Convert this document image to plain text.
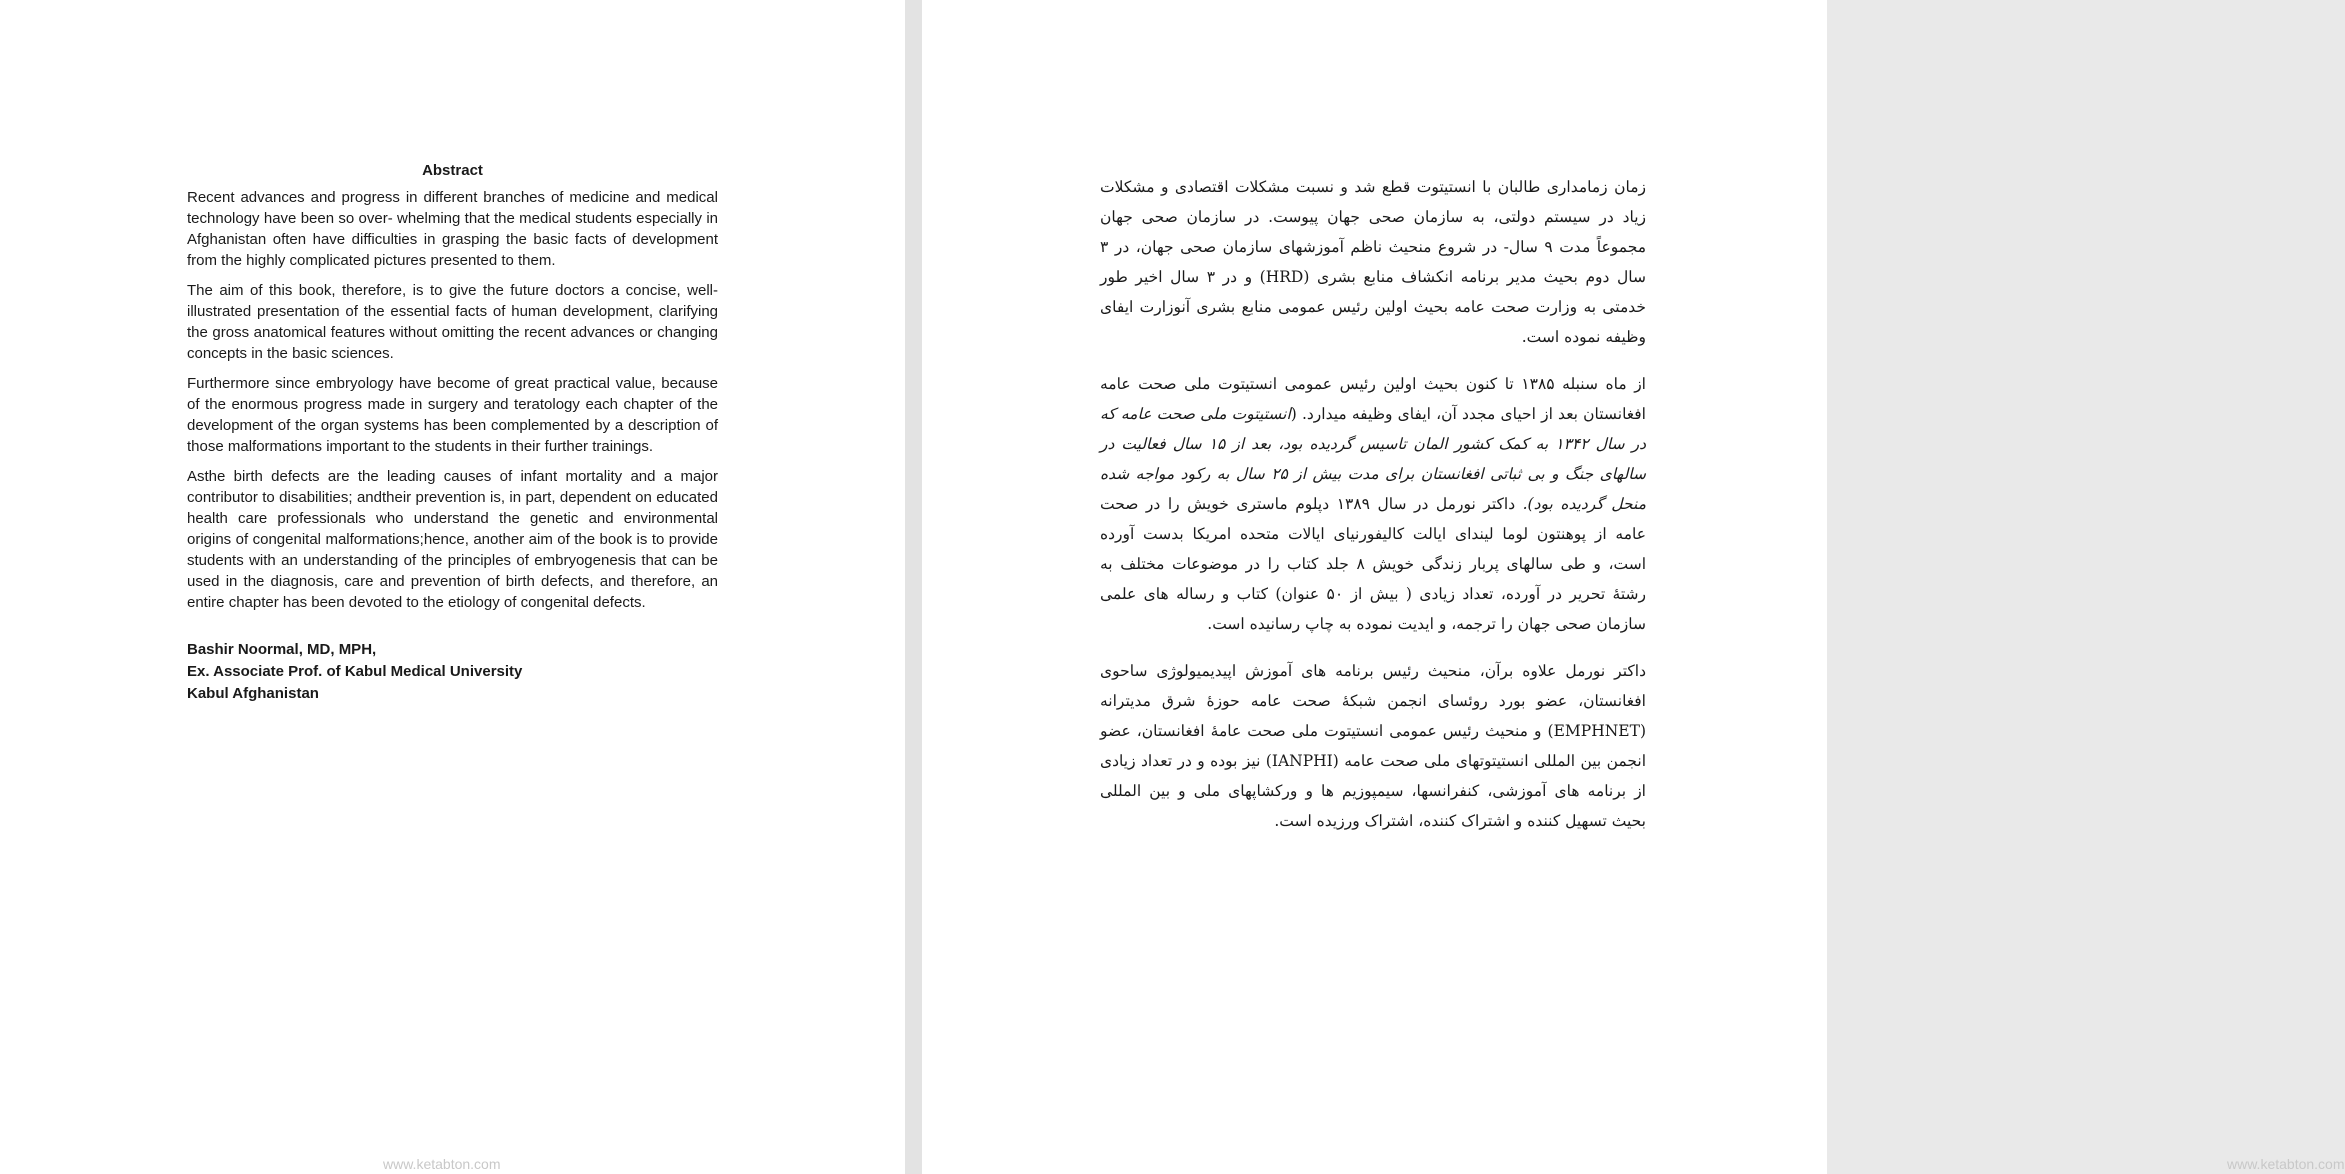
Abstract

Recent advances and progress in different branches of medicine and medical technology have been so over- whelming that the medical students especially in Afghanistan often have difficulties in grasping the basic facts of development from the highly complicated pictures presented to them.

The aim of this book, therefore, is to give the future doctors a concise, well-illustrated presentation of the essential facts of human development, clarifying the gross anatomical features without omitting the recent advances or changing concepts in the basic sciences.

Furthermore since embryology have become of great practical value, because of the enormous progress made in surgery and teratology each chapter of the development of the organ systems has been complemented by a description of those malformations important to the students in their further trainings.

Asthe birth defects are the leading causes of infant mortality and a major contributor to disabilities; andtheir prevention is, in part, dependent on educated health care professionals who understand the genetic and environmental origins of congenital malformations;hence, another aim of the book is to provide students with an understanding of the principles of embryogenesis that can be used in the diagnosis, care and prevention of birth defects, and therefore, an entire chapter has been devoted to the etiology of congenital defects.

Bashir Noormal, MD, MPH,
Ex. Associate Prof. of Kabul Medical University
Kabul Afghanistan
www.ketabton.com	www.ketabton.com

زمان زمامداری طالبان با انستیتوت قطع شد و نسبت مشکلات اقتصادی و مشکلات زیاد در سیستم دولتی، به سازمان صحی جهان پیوست. در سازمان صحی جهان مجموعاً مدت ۹ سال- در شروع منحیث ناظم آموزشهای سازمان صحی جهان، در ۳ سال دوم بحیث مدیر برنامه انکشاف منابع بشری (HRD) و در ۳ سال اخیر طور خدمتی به وزارت صحت عامه بحیث اولین رئیس عمومی منابع بشری آنوزارت ایفای وظیفه نموده است.

از ماه سنبله ۱۳۸۵ تا کنون بحیث اولین رئیس عمومی انستیتوت ملی صحت عامه افغانستان بعد از احیای مجدد آن، ایفای وظیفه میدارد. (انستیتوت ملی صحت عامه که در سال ۱۳۴۲ به کمک کشور المان تاسیس گردیده بود، بعد از ۱۵ سال فعالیت در سالهای جنگ و بی ثباتی افغانستان برای مدت بیش از ۲۵ سال به رکود مواجه شده منحل گردیده بود). داکتر نورمل در سال ۱۳۸۹ دپلوم ماستری خویش را در صحت عامه از پوهنتون لوما لیندای ایالت کالیفورنیای ایالات متحده امریکا بدست آورده است، و طی سالهای پربار زندگی خویش ۸ جلد کتاب را در موضوعات مختلف به رشتهٔ تحریر در آورده، تعداد زیادی ( بیش از ۵۰ عنوان) کتاب و رساله های علمی سازمان صحی جهان را ترجمه، و ایدیت نموده به چاپ رسانیده است.

داکتر نورمل علاوه برآن، منحیث رئیس برنامه های آموزش اپیدیمیولوژی ساحوی افغانستان، عضو بورد روئسای انجمن شبکهٔ صحت عامه حوزهٔ شرق مدیترانه (EMPHNET) و منحیث رئیس عمومی انستیتوت ملی صحت عامهٔ افغانستان، عضو انجمن بین المللی انستیتوتهای ملی صحت عامه (IANPHI) نیز بوده و در تعداد زیادی از برنامه های آموزشی، کنفرانسها، سیمپوزیم ها و ورکشاپهای ملی و بین المللی بحیث تسهیل کننده و اشتراک کننده، اشتراک ورزیده است.
